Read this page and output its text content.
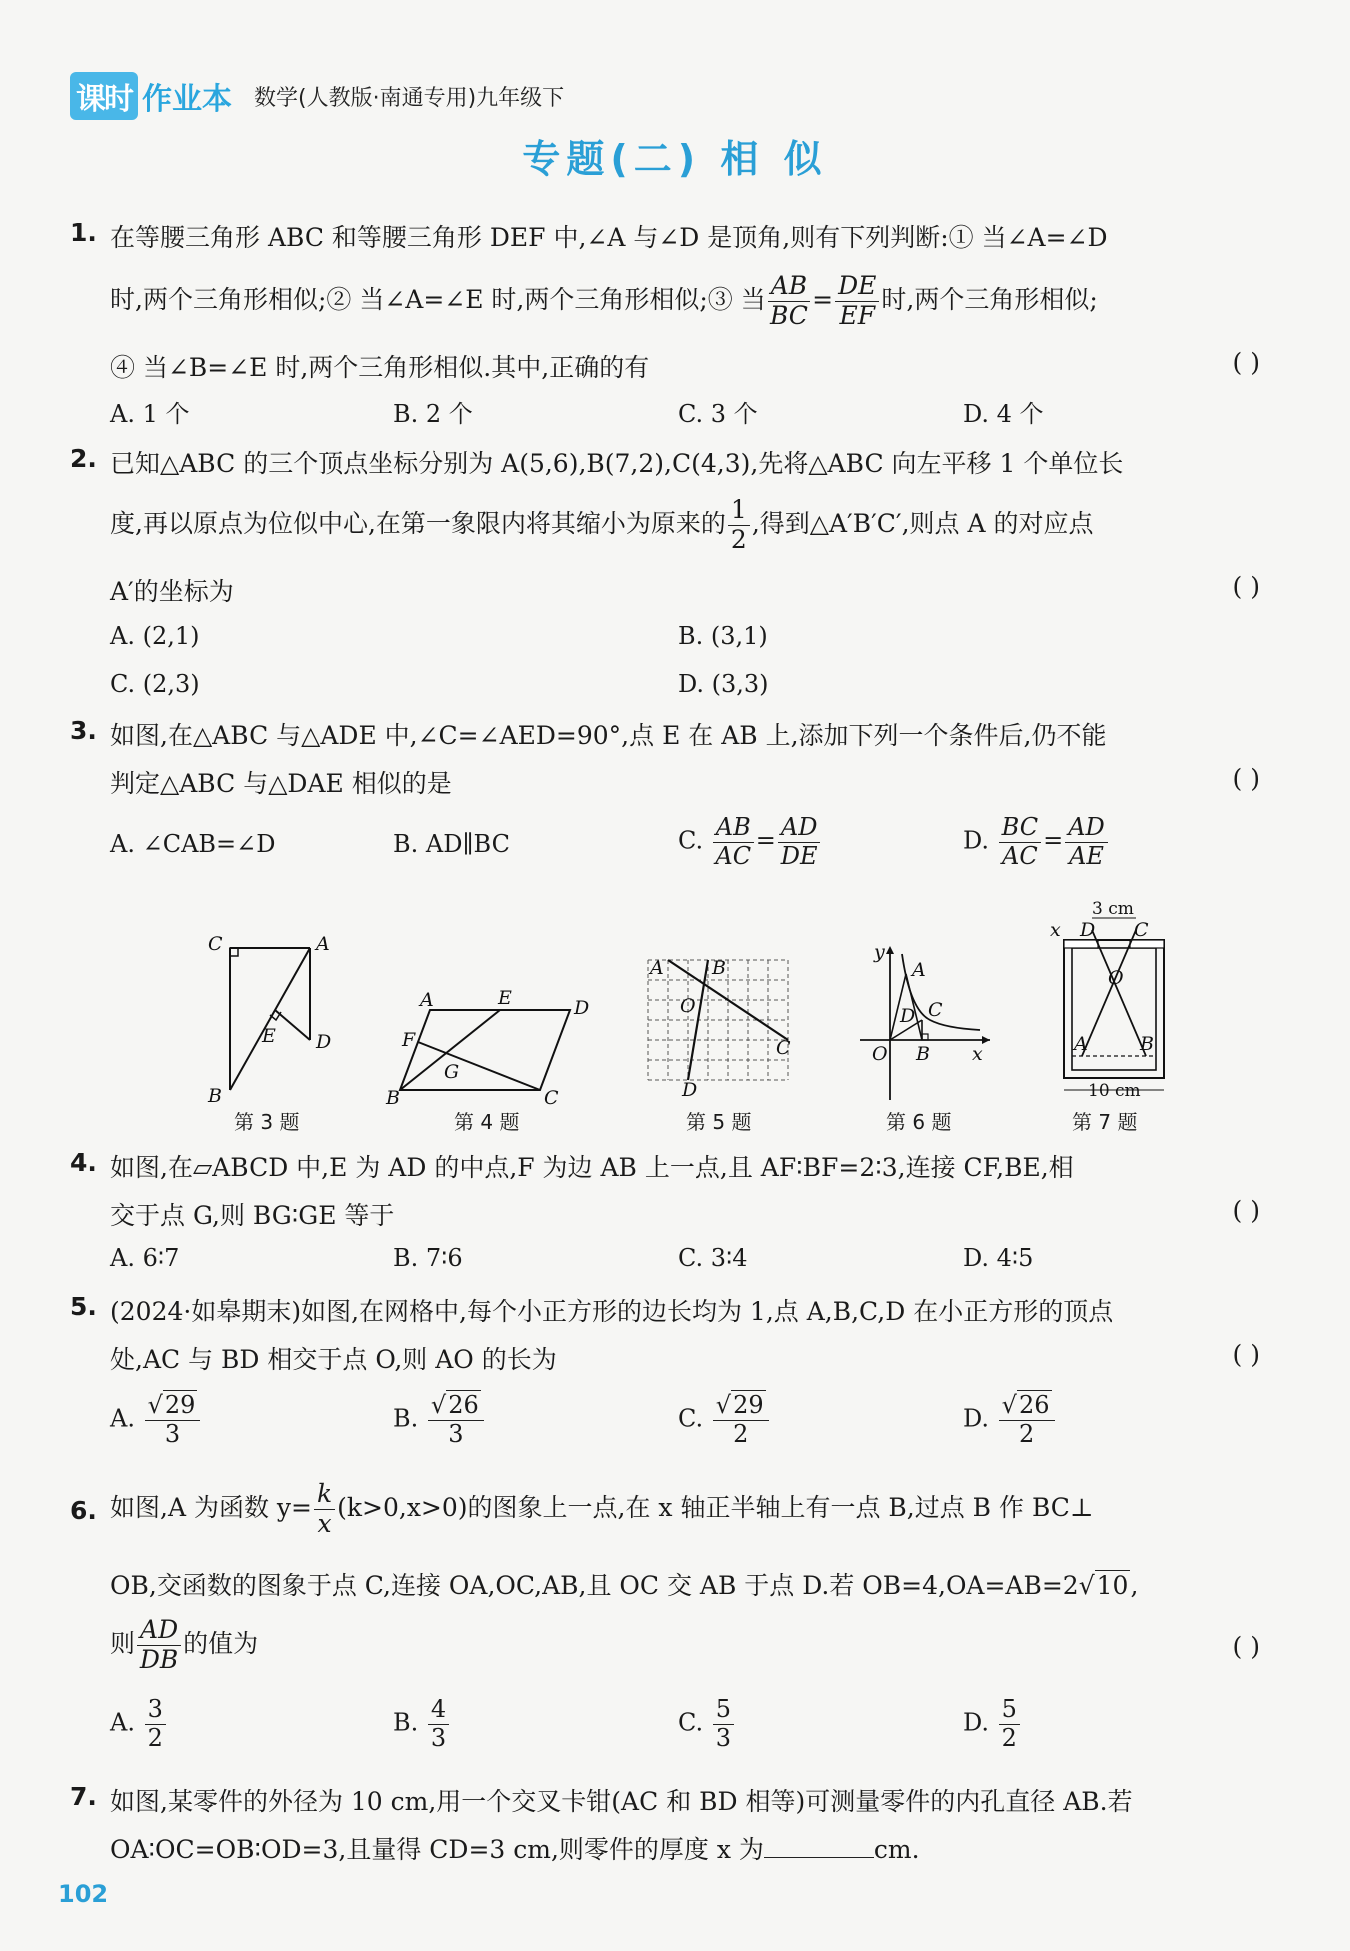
课时 作业本 数学(人教版·南通专用)九年级下
专题(二) 相 似
1. 在等腰三角形 ABC 和等腰三角形 DEF 中,∠A 与∠D 是顶角,则有下列判断:① 当∠A=∠D
时,两个三角形相似;② 当∠A=∠E 时,两个三角形相似;③ 当 $\frac{AB}{BC} = \frac{DE}{EF}$ 时,两个三角形相似;
④ 当∠B=∠E 时,两个三角形相似.其中,正确的有	( )
A. 1 个	B. 2 个	C. 3 个	D. 4 个
2. 已知△ABC 的三个顶点坐标分别为 A(5,6),B(7,2),C(4,3),先将△ABC 向左平移 1 个单位长
度,再以原点为位似中心,在第一象限内将其缩小为原来的 $\frac{1}{2}$ ,得到△A′B′C′,则点 A 的对应点
A′的坐标为	( )
A. (2,1)	B. (3,1)
C. (2,3)	D. (3,3)
3. 如图,在△ABC 与△ADE 中,∠C=∠AED=90°,点 E 在 AB 上,添加下列一个条件后,仍不能
判定△ABC 与△DAE 相似的是	( )
A. ∠CAB=∠D	B. AD∥BC	C. $\frac{AB}{AC} = \frac{AD}{DE}$	D. $\frac{BC}{AC} = \frac{AD}{AE}$
C	A
E D
B
第 3 题
A	E	D
F
G
B	C
第 4 题
A	B
O
C
D
第 5 题
y
A
C
D
O B x
第 6 题
3 cm
x D C
O
A	B
10 cm
第 7 题
4. 如图,在▱ABCD 中,E 为 AD 的中点,F 为边 AB 上一点,且 AF∶BF=2∶3,连接 CF,BE,相
交于点 G,则 BG∶GE 等于	( )
A. 6∶7	B. 7∶6	C. 3∶4	D. 4∶5
5. (2024·如皋期末)如图,在网格中,每个小正方形的边长均为 1,点 A,B,C,D 在小正方形的顶点
处,AC 与 BD 相交于点 O,则 AO 的长为	( )
A. $\frac{√29}{3}$	B. $\frac{√26}{3}$	C. $\frac{√29}{2}$	D. $\frac{√26}{2}$
6. 如图,A 为函数 $y= \frac{k}{x} (k>0,x>0)$的图象上一点,在 x 轴正半轴上有一点 B,过点 B 作 BC⊥
OB,交函数的图象于点 C,连接 OA,OC,AB,且 OC 交 AB 于点 D.若 OB=4,OA=AB=2√10,
则 $\frac{AD}{DB}$ 的值为	( )
A. $\frac{3}{2}$	B. $\frac{4}{3}$	C. $\frac{5}{3}$	D. $\frac{5}{2}$
7. 如图,某零件的外径为 10 cm,用一个交叉卡钳(AC 和 BD 相等)可测量零件的内孔直径 AB.若
OA∶OC=OB∶OD=3,且量得 CD=3 cm,则零件的厚度 x 为	cm.
102
